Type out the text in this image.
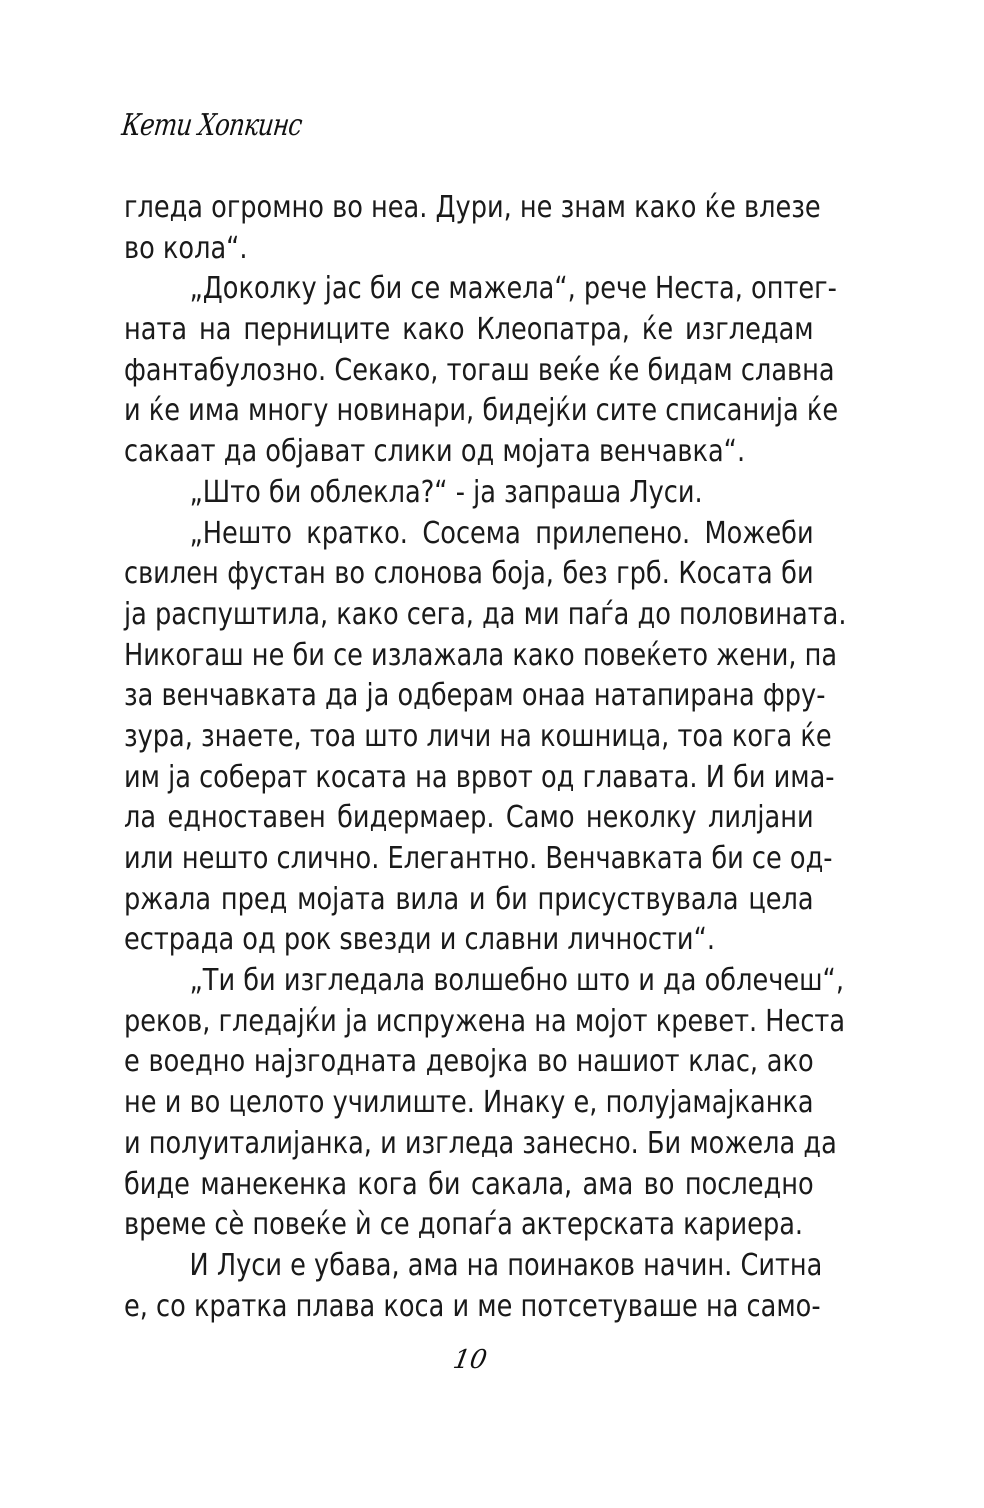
Кети Хопкинс
гледа огромно во неа. Дури, не знам како ќе влезе
во кола“.
„Доколку јас би се мажела“, рече Неста, оптег-
ната на перниците како Клеопатра, ќе изгледам
фантабулозно. Секако, тогаш веќе ќе бидам славна
и ќе има многу новинари, бидејќи сите списанија ќе
сакаат да објават слики од мојата венчавка“.
„Што би облекла?“ - ја запраша Луси.
„Нешто кратко. Сосема прилепено. Можеби
свилен фустан во слонова боја, без грб. Косата би
ја распуштила, како сега, да ми паѓа до половината.
Никогаш не би се излажала како повеќето жени, па
за венчавката да ја одберам онаа натапирана фру-
зура, знаете, тоа што личи на кошница, тоа кога ќе
им ја соберат косата на врвот од главата. И би има-
ла едноставен бидермаер. Само неколку лилјани
или нешто слично. Елегантно. Венчавката би се од-
ржала пред мојата вила и би присуствувала цела
естрада од рок ѕвезди и славни личности“.
„Ти би изгледала волшебно што и да облечеш“,
реков, гледајќи ја испружена на мојот кревет. Неста
е воедно најзгодната девојка во нашиот клас, ако
не и во целото училиште. Инаку е, полујамајканка
и полуиталијанка, и изгледа занесно. Би можела да
биде манекенка кога би сакала, ама во последно
време сè повеќе ѝ се допаѓа актерската кариера.
И Луси е убава, ама на поинаков начин. Ситна
е, со кратка плава коса и ме потсетуваше на само-
10
